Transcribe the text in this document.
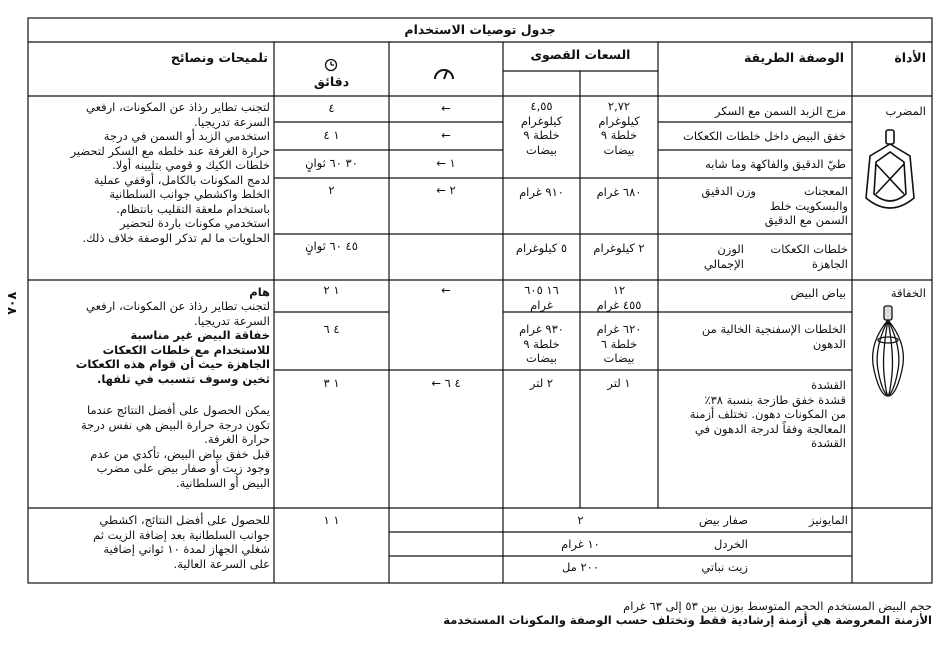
جدول توصيات الاستخدام
الأداة
الوصفة الطريقة
السعات القصوى
دقائق
تلميحات ونصائح
المضرب
مزج الزبد السمن مع السكر
خفق البيض داخل خلطات الكعكات
طيّ الدقيق والفاكهة وما شابه
المعجنات
والبسكويت خلط
السمن مع الدقيق
وزن الدقيق
خلطات الكعكات
الجاهزة
الوزن
الإجمالي
٢,٧٢
كيلوغرام
خلطة ٩
بيضات
٤,٥٥
كيلوغرام
خلطة ٩
بيضات
٦٨٠ غرام
٩١٠ غرام
٢ كيلوغرام
٥ كيلوغرام
←
←
١ ←
٢ ←
٤
١ ٤
٣٠ ٦٠ ثوانٍ
٢
٤٥ ٦٠ ثوانٍ
لتجنب تطاير رذاذ عن المكونات، ارفعي
السرعة تدريجيا.
استخدمي الزبد أو السمن في درجة
حرارة الغرفة عند خلطه مع السكر لتحضير
خلطات الكيك و قومي بتليينه أولا.
لدمج المكونات بالكامل، أوقفي عملية
الخلط واكشطي جوانب السلطانية
باستخدام ملعقة التقليب بانتظام.
استخدمي مكونات باردة لتحضير
الحلويات ما لم تذكر الوصفة خلاف ذلك.
الخفاقة
بياض البيض
الخلطات الإسفنجية الخالية من
الدهون
القشدة
قشدة خفق طازجة بنسبة ٣٨٪
من المكونات دهون. تختلف أزمنة
المعالجة وفقاً لدرجة الدهون في
القشدة
١٢
٤٥٥ غرام
١٦ ٦٠٥
غرام
٦٢٠ غرام
خلطة ٦
بيضات
٩٣٠ غرام
خلطة ٩
بيضات
١ لتر
٢ لتر
←
٤ ٦ ←
١ ٢
٤ ٦
١ ٣
هام
لتجنب تطاير رذاذ عن المكونات، ارفعي
السرعة تدريجيا.
خفاقة البيض غير مناسبة
للاستخدام مع خلطات الكعكات
الجاهزة حيث أن قوام هذه الكعكات
ثخين وسوف تتسبب في تلفها.
يمكن الحصول على أفضل النتائج عندما
تكون درجة حرارة البيض هي نفس درجة
حرارة الغرفة.
قبل خفق بياض البيض، تأكدي من عدم
وجود زيت أو صفار بيض على مضرب
البيض أو السلطانية.
المايونيز
صفار بيض
٢
الخردل
١٠ غرام
زيت نباتي
٢٠٠ مل
١ ١
للحصول على أفضل النتائج، اكشطي
جوانب السلطانية بعد إضافة الزيت ثم
شغلي الجهاز لمدة ١٠ ثواني إضافية
على السرعة العالية.
٧٠٨
حجم البيض المستخدم الحجم المتوسط بوزن بين ٥٣ إلى ٦٣ غرام
الأزمنة المعروضة هي أزمنة إرشادية فقط وتختلف حسب الوصفة والمكونات المستخدمة
